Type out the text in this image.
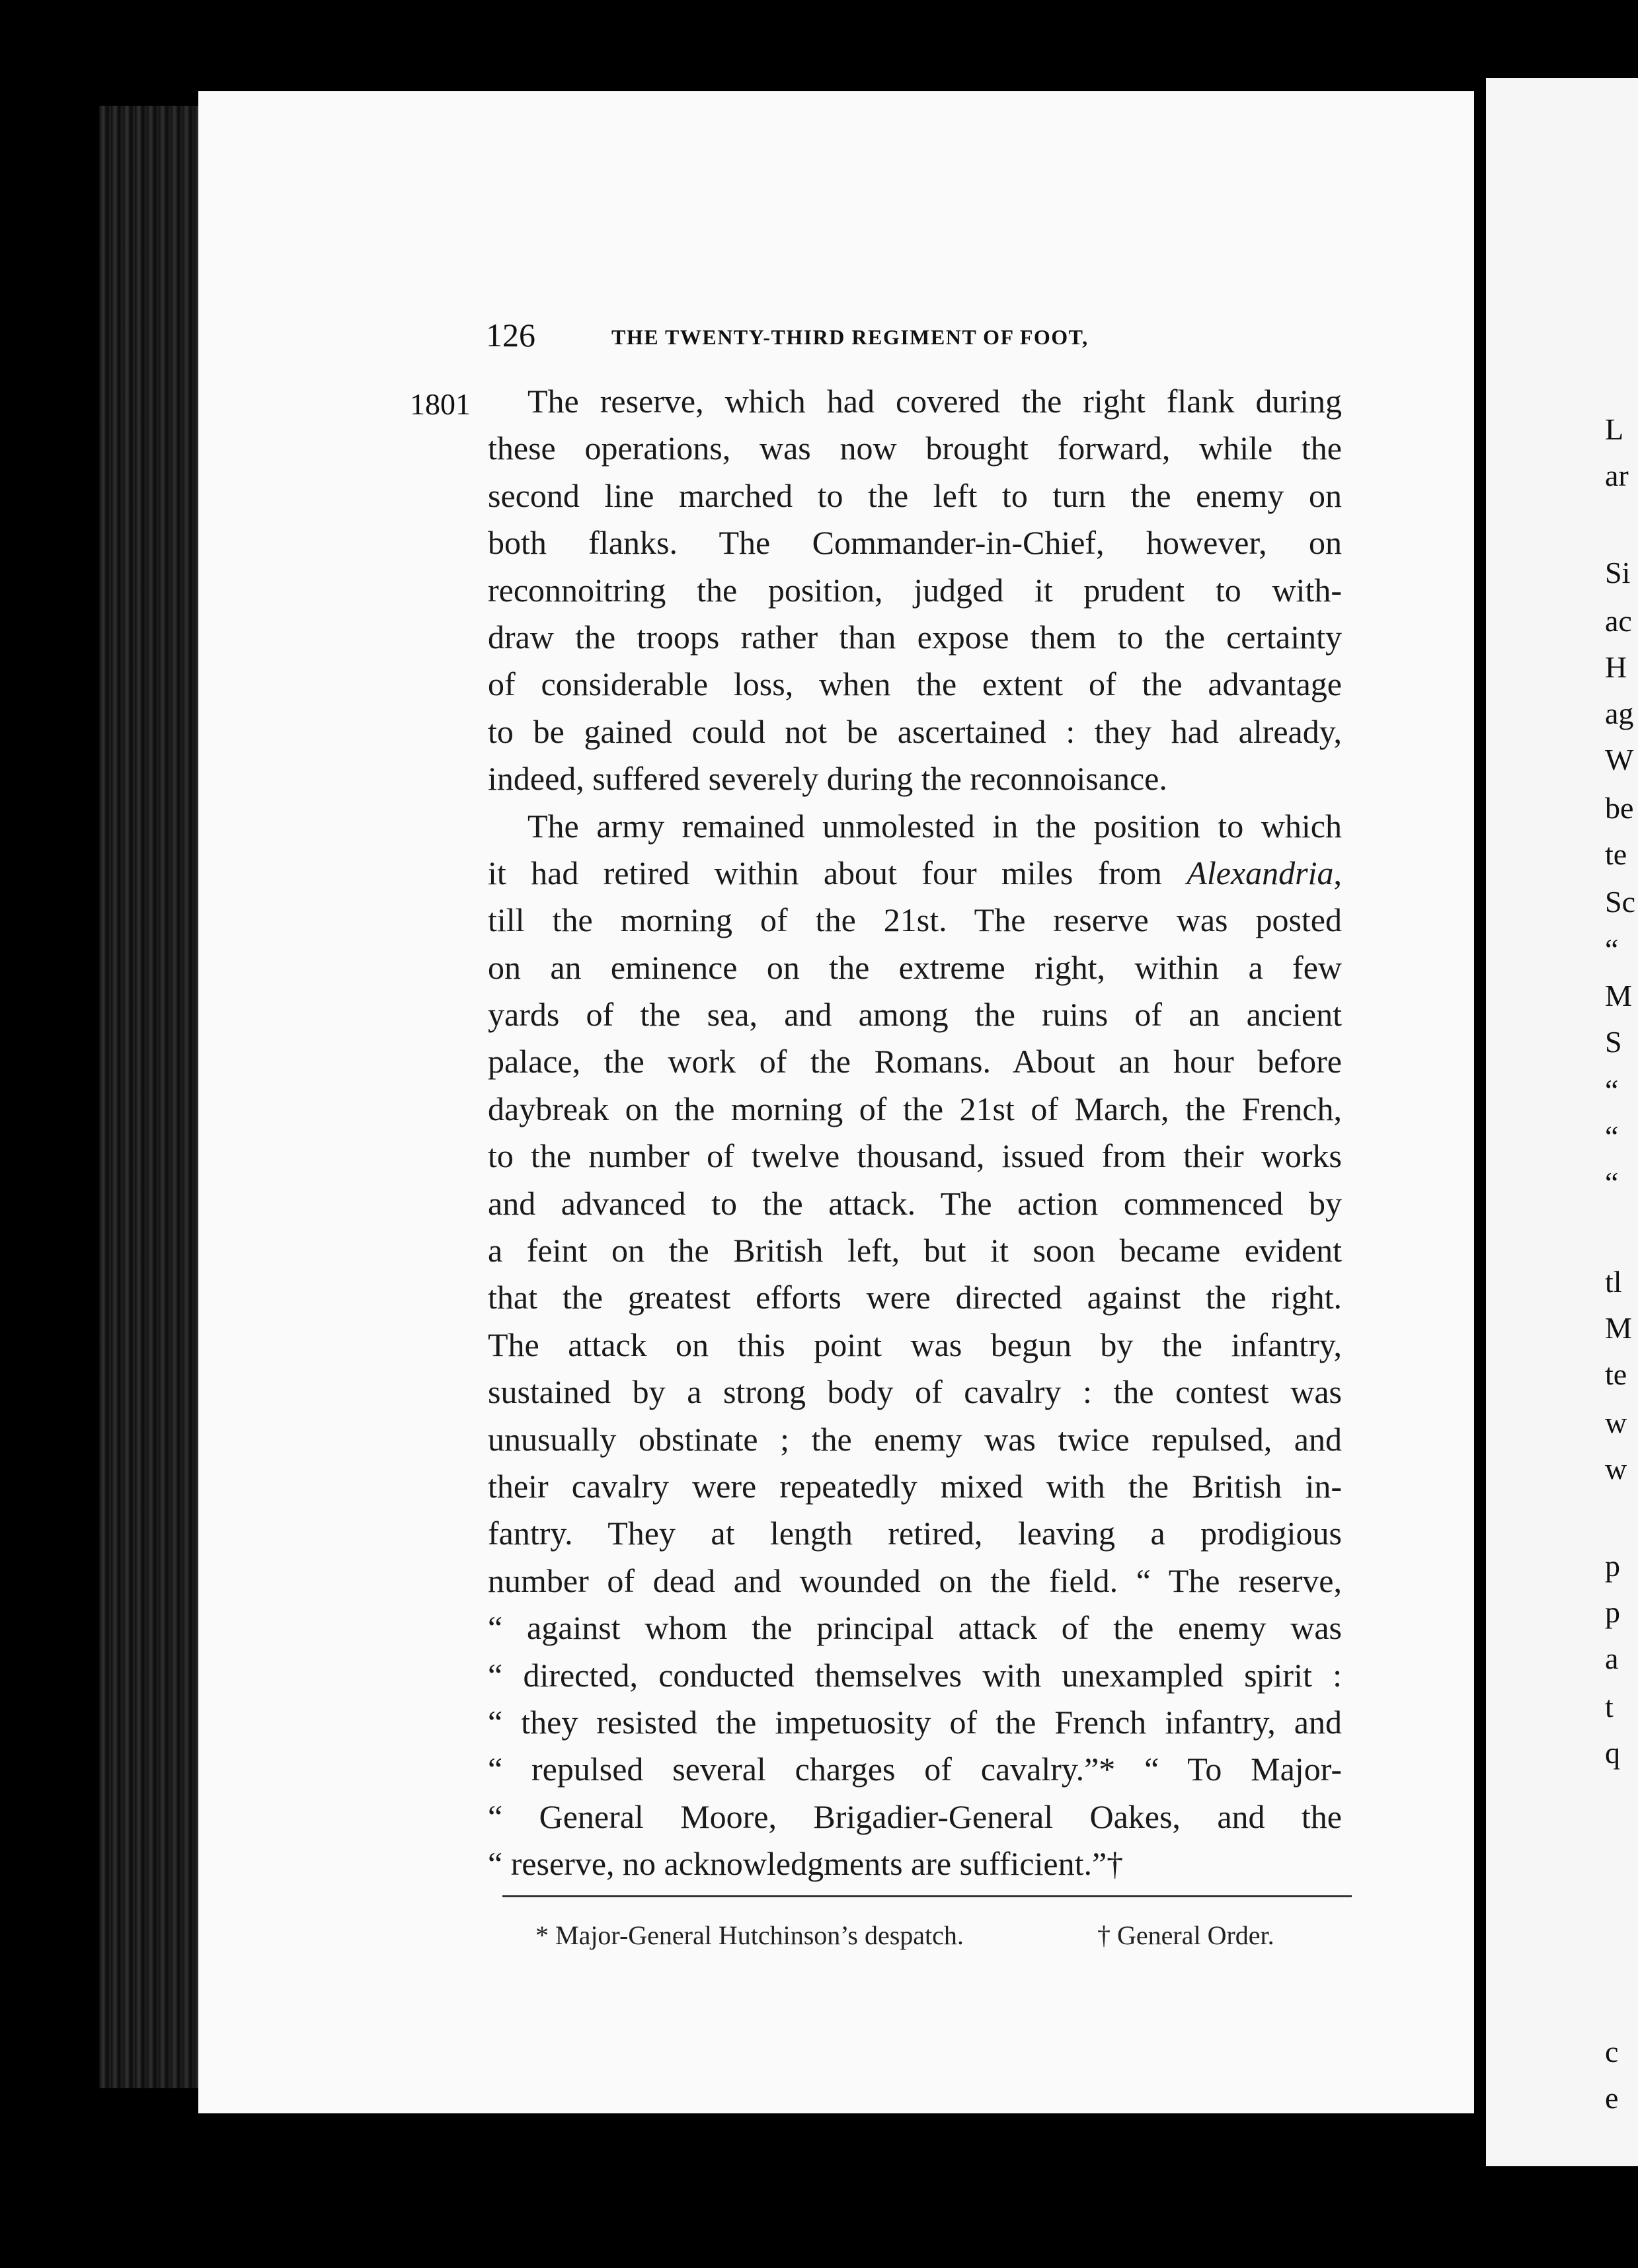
L
ar
Si
ac
H
ag
W
be
te
Sc
“
M
S
“
“
“
tl
M
te
w
w
p
p
a
t
q
c
e
126	THE TWENTY-THIRD REGIMENT OF FOOT,
1801	The reserve, which had covered the right flank during
these operations, was now brought forward, while the
second line marched to the left to turn the enemy on
both flanks. The Commander-in-Chief, however, on
reconnoitring the position, judged it prudent to with-
draw the troops rather than expose them to the certainty
of considerable loss, when the extent of the advantage
to be gained could not be ascertained : they had already,
indeed, suffered severely during the reconnoisance.
The army remained unmolested in the position to which
it had retired within about four miles from Alexandria,
till the morning of the 21st. The reserve was posted
on an eminence on the extreme right, within a few
yards of the sea, and among the ruins of an ancient
palace, the work of the Romans. About an hour before
daybreak on the morning of the 21st of March, the French,
to the number of twelve thousand, issued from their works
and advanced to the attack. The action commenced by
a feint on the British left, but it soon became evident
that the greatest efforts were directed against the right.
The attack on this point was begun by the infantry,
sustained by a strong body of cavalry : the contest was
unusually obstinate ; the enemy was twice repulsed, and
their cavalry were repeatedly mixed with the British in-
fantry. They at length retired, leaving a prodigious
number of dead and wounded on the field. “ The reserve,
“ against whom the principal attack of the enemy was
“ directed, conducted themselves with unexampled spirit :
“ they resisted the impetuosity of the French infantry, and
“ repulsed several charges of cavalry.”* “ To Major-
“ General Moore, Brigadier-General Oakes, and the
“ reserve, no acknowledgments are sufficient.”†
* Major-General Hutchinson’s despatch.	† General Order.
